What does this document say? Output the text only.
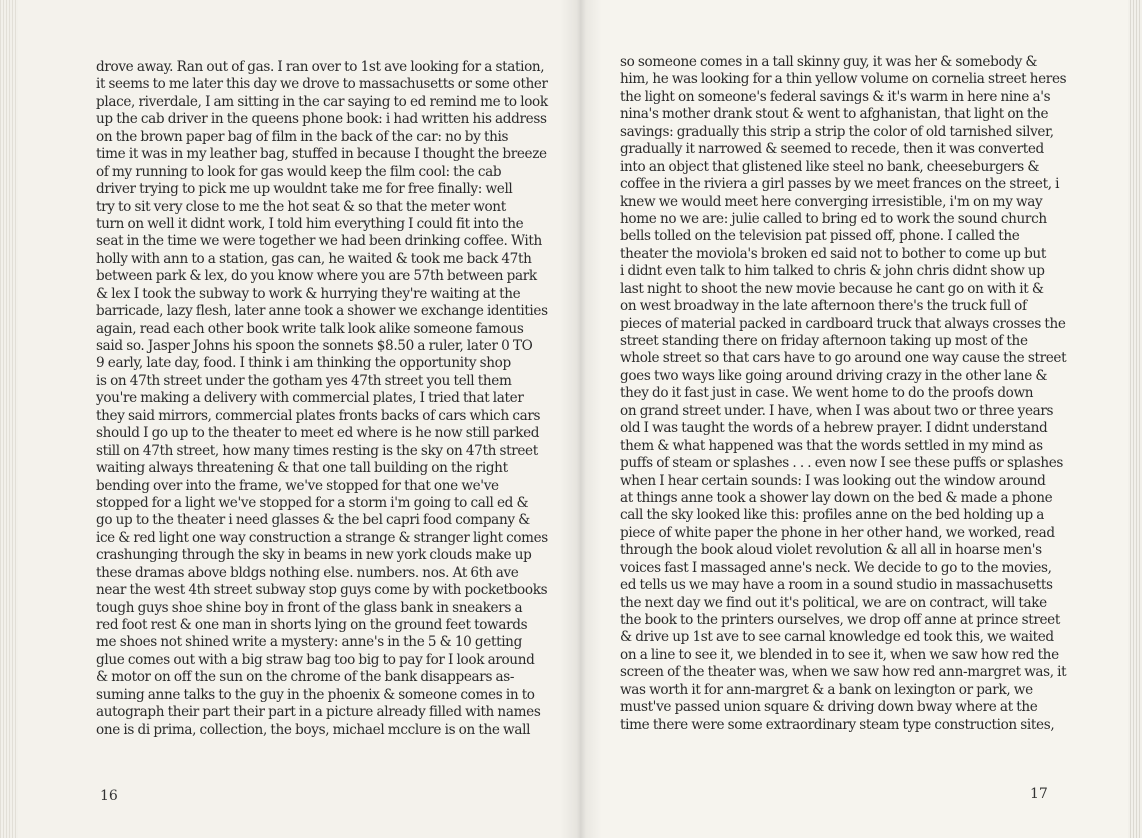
drove away. Ran out of gas. I ran over to 1st ave looking for a station,
it seems to me later this day we drove to massachusetts or some other
place, riverdale, I am sitting in the car saying to ed remind me to look
up the cab driver in the queens phone book: i had written his address
on the brown paper bag of film in the back of the car: no by this
time it was in my leather bag, stuffed in because I thought the breeze
of my running to look for gas would keep the film cool: the cab
driver trying to pick me up wouldnt take me for free finally: well
try to sit very close to me the hot seat & so that the meter wont
turn on well it didnt work, I told him everything I could fit into the
seat in the time we were together we had been drinking coffee. With
holly with ann to a station, gas can, he waited & took me back 47th
between park & lex, do you know where you are 57th between park
& lex I took the subway to work & hurrying they're waiting at the
barricade, lazy flesh, later anne took a shower we exchange identities
again, read each other book write talk look alike someone famous
said so. Jasper Johns his spoon the sonnets $8.50 a ruler, later 0 TO
9 early, late day, food. I think i am thinking the opportunity shop
is on 47th street under the gotham yes 47th street you tell them
you're making a delivery with commercial plates, I tried that later
they said mirrors, commercial plates fronts backs of cars which cars
should I go up to the theater to meet ed where is he now still parked
still on 47th street, how many times resting is the sky on 47th street
waiting always threatening & that one tall building on the right
bending over into the frame, we've stopped for that one we've
stopped for a light we've stopped for a storm i'm going to call ed &
go up to the theater i need glasses & the bel capri food company &
ice & red light one way construction a strange & stranger light comes
crashunging through the sky in beams in new york clouds make up
these dramas above bldgs nothing else. numbers. nos. At 6th ave
near the west 4th street subway stop guys come by with pocketbooks
tough guys shoe shine boy in front of the glass bank in sneakers a
red foot rest & one man in shorts lying on the ground feet towards
me shoes not shined write a mystery: anne's in the 5 & 10 getting
glue comes out with a big straw bag too big to pay for I look around
& motor on off the sun on the chrome of the bank disappears as-
suming anne talks to the guy in the phoenix & someone comes in to
autograph their part their part in a picture already filled with names
one is di prima, collection, the boys, michael mcclure is on the wall
16
so someone comes in a tall skinny guy, it was her & somebody &
him, he was looking for a thin yellow volume on cornelia street heres
the light on someone's federal savings & it's warm in here nine a's
nina's mother drank stout & went to afghanistan, that light on the
savings: gradually this strip a strip the color of old tarnished silver,
gradually it narrowed & seemed to recede, then it was converted
into an object that glistened like steel no bank, cheeseburgers &
coffee in the riviera a girl passes by we meet frances on the street, i
knew we would meet here converging irresistible, i'm on my way
home no we are: julie called to bring ed to work the sound church
bells tolled on the television pat pissed off, phone. I called the
theater the moviola's broken ed said not to bother to come up but
i didnt even talk to him talked to chris & john chris didnt show up
last night to shoot the new movie because he cant go on with it &
on west broadway in the late afternoon there's the truck full of
pieces of material packed in cardboard truck that always crosses the
street standing there on friday afternoon taking up most of the
whole street so that cars have to go around one way cause the street
goes two ways like going around driving crazy in the other lane &
they do it fast just in case. We went home to do the proofs down
on grand street under. I have, when I was about two or three years
old I was taught the words of a hebrew prayer. I didnt understand
them & what happened was that the words settled in my mind as
puffs of steam or splashes . . . even now I see these puffs or splashes
when I hear certain sounds: I was looking out the window around
at things anne took a shower lay down on the bed & made a phone
call the sky looked like this: profiles anne on the bed holding up a
piece of white paper the phone in her other hand, we worked, read
through the book aloud violet revolution & all all in hoarse men's
voices fast I massaged anne's neck. We decide to go to the movies,
ed tells us we may have a room in a sound studio in massachusetts
the next day we find out it's political, we are on contract, will take
the book to the printers ourselves, we drop off anne at prince street
& drive up 1st ave to see carnal knowledge ed took this, we waited
on a line to see it, we blended in to see it, when we saw how red the
screen of the theater was, when we saw how red ann-margret was, it
was worth it for ann-margret & a bank on lexington or park, we
must've passed union square & driving down bway where at the
time there were some extraordinary steam type construction sites,
17
